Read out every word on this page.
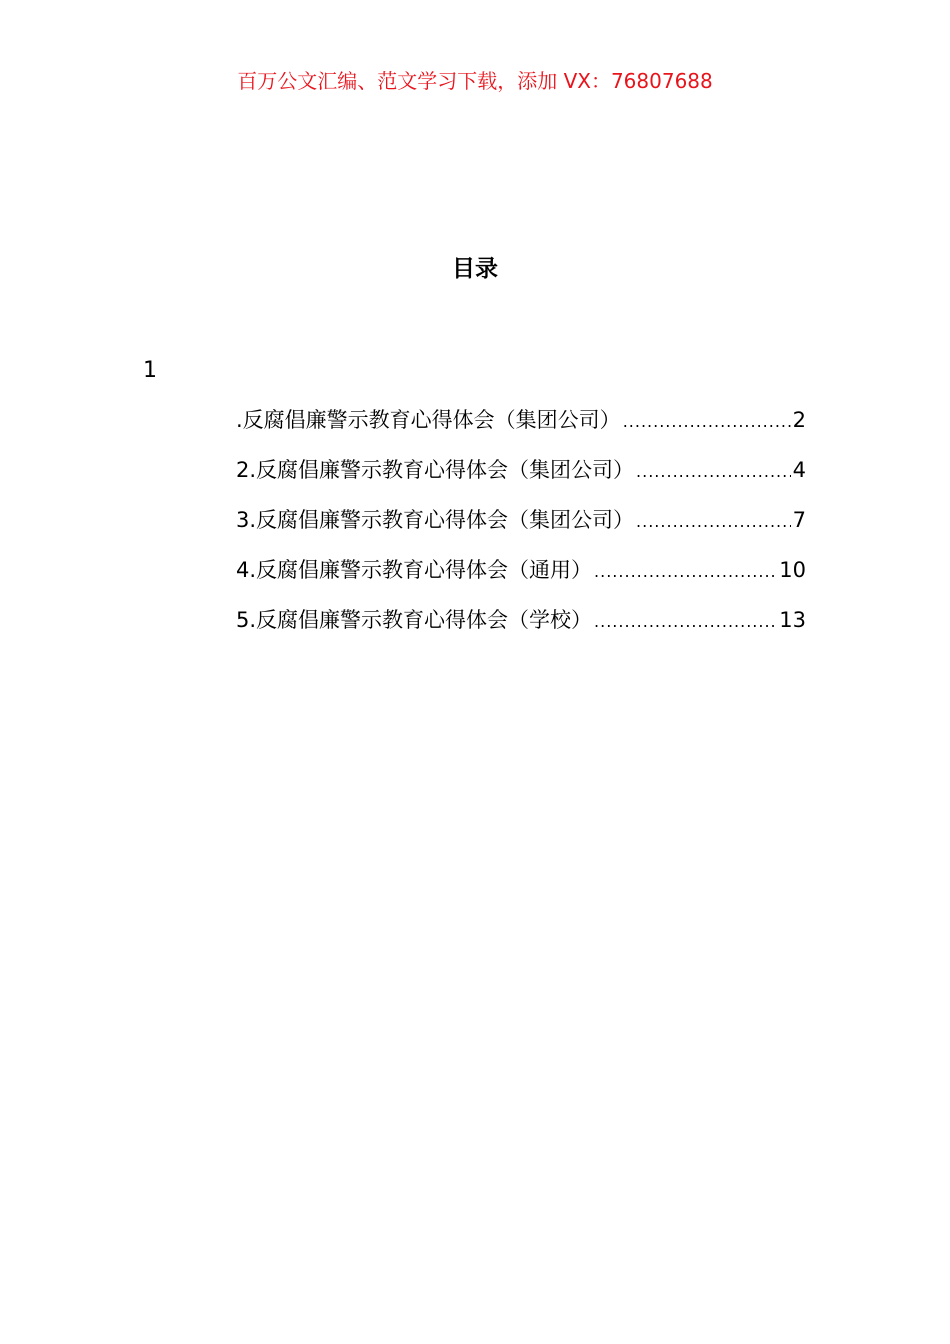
百万公文汇编、范文学习下载，添加 VX：76807688
目录
1
.反腐倡廉警示教育心得体会（集团公司） .....	2
2.反腐倡廉警示教育心得体会（集团公司） .....	4
3.反腐倡廉警示教育心得体会（集团公司） .....	7
4.反腐倡廉警示教育心得体会（通用） .....	10
5.反腐倡廉警示教育心得体会（学校） .....	13
